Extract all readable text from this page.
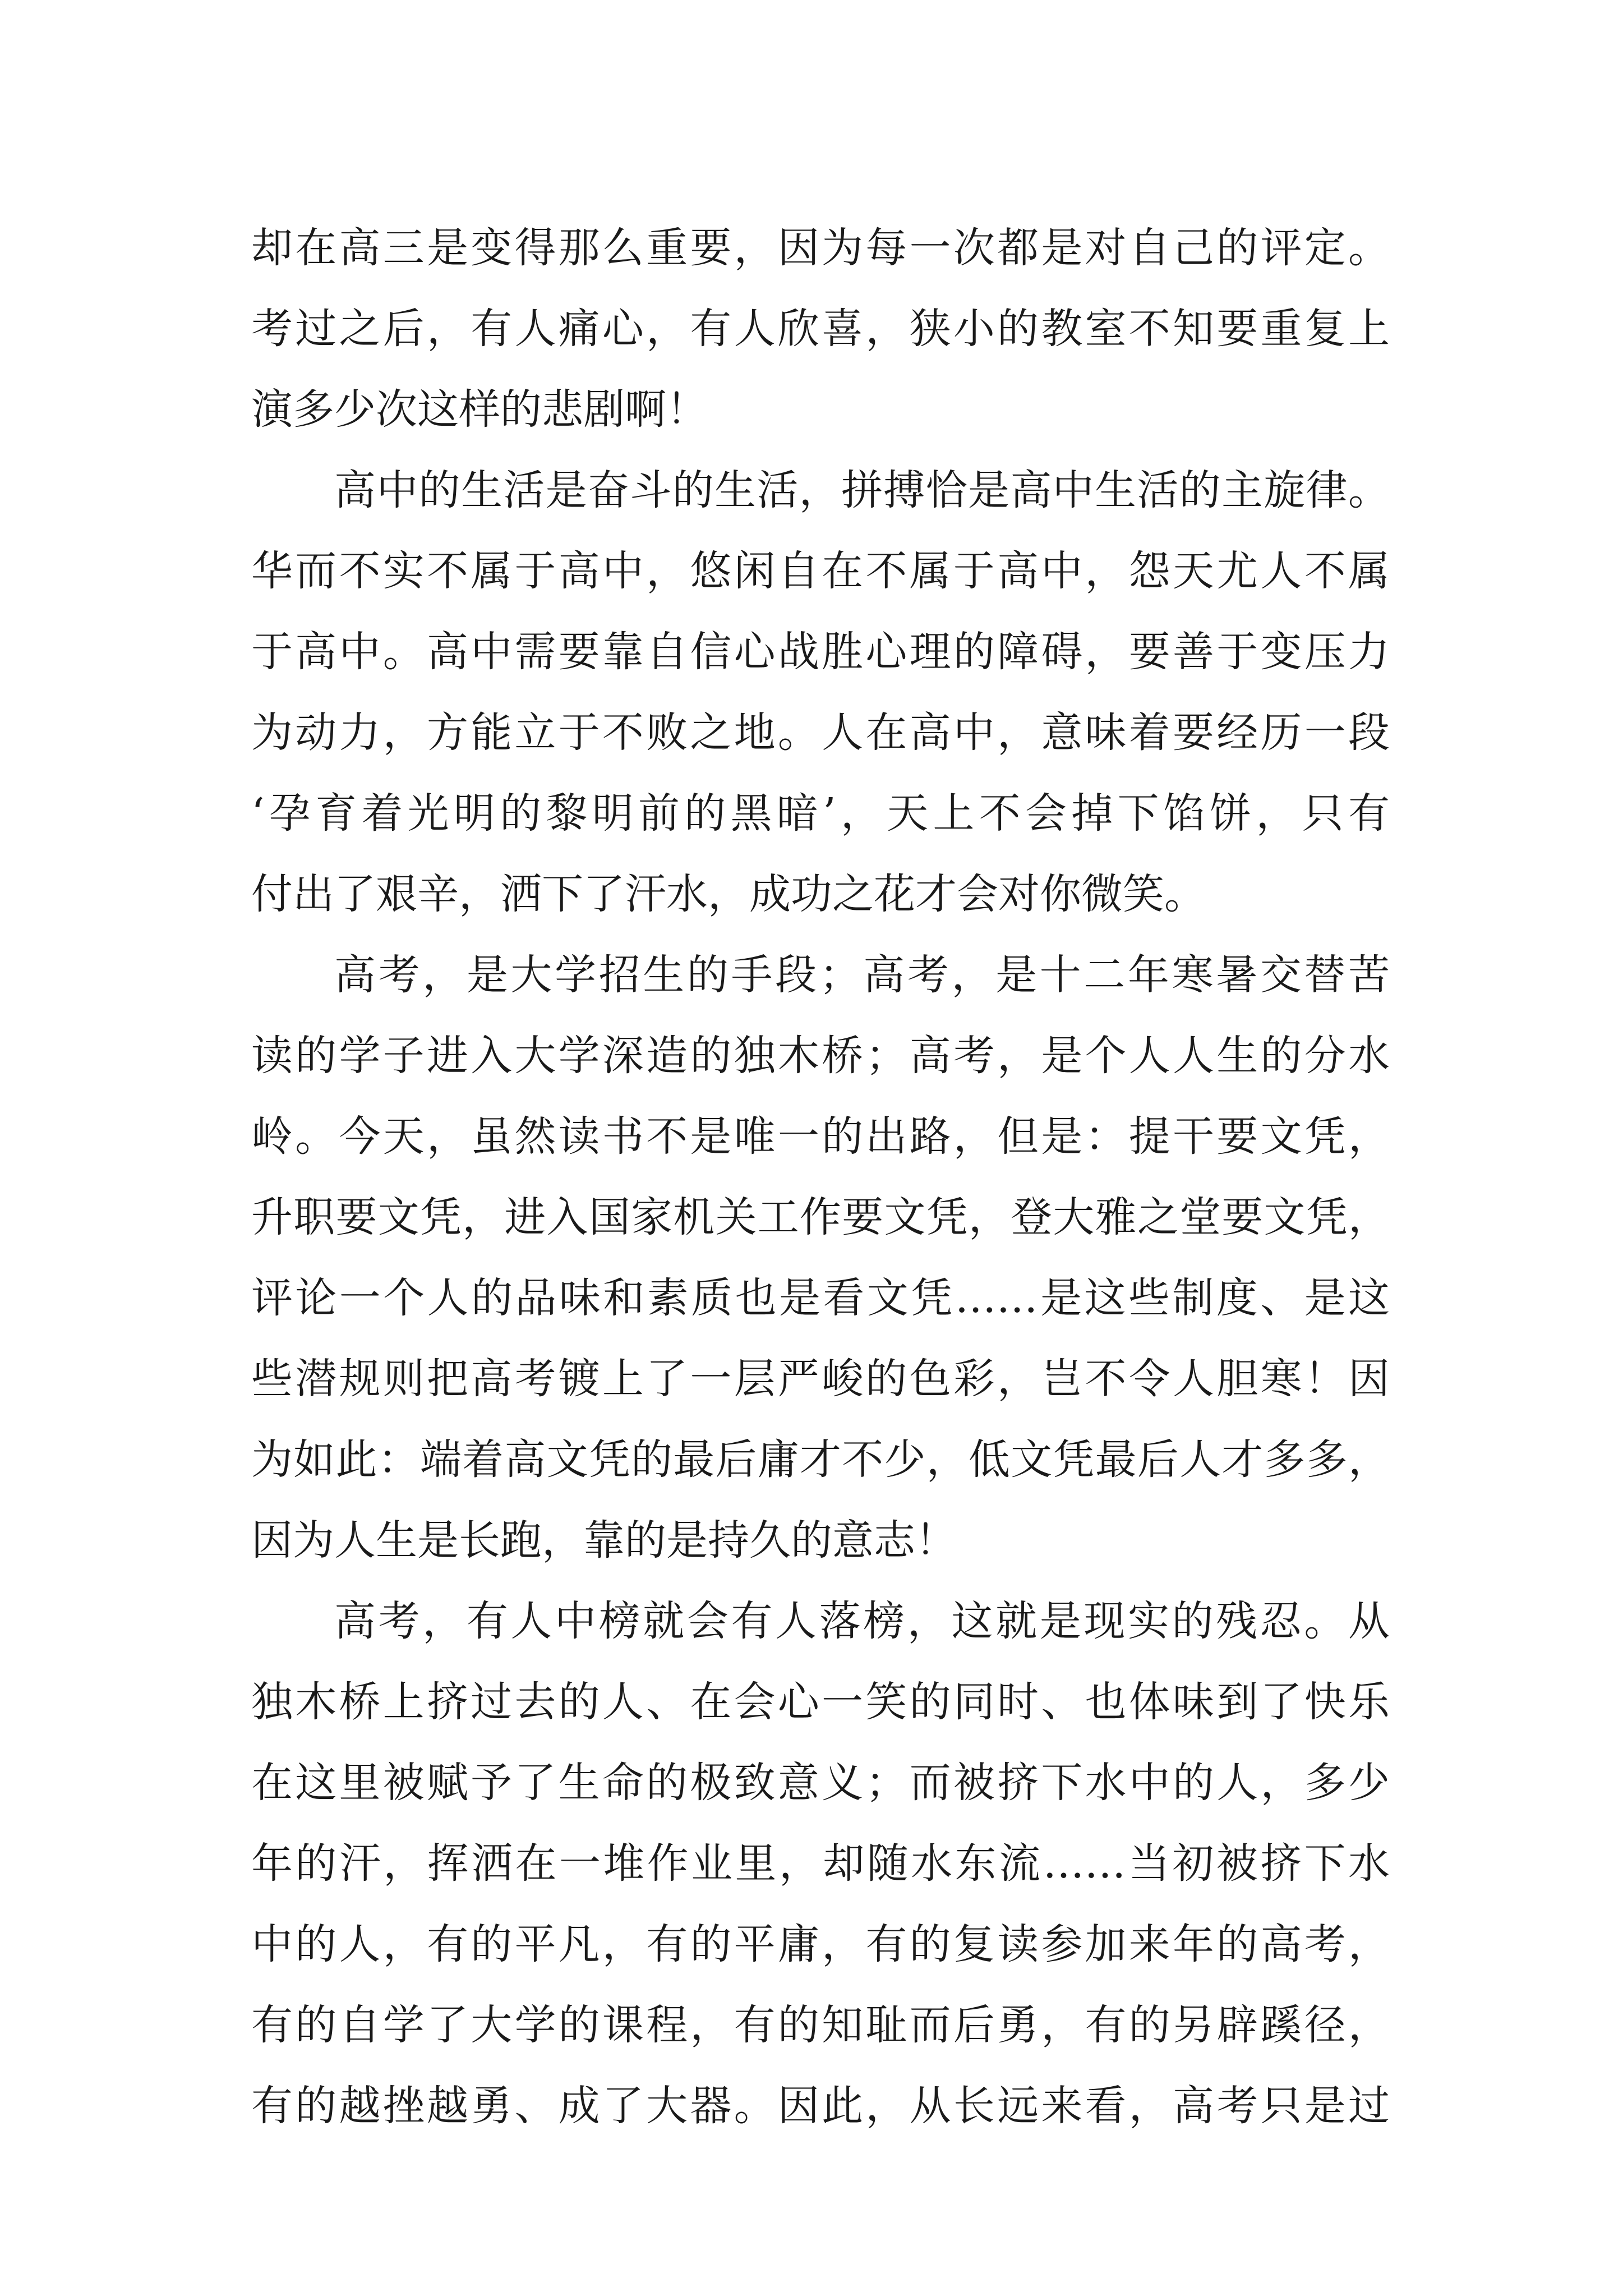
却在高三是变得那么重要，因为每一次都是对自己的评定。
考过之后，有人痛心，有人欣喜，狭小的教室不知要重复上
演多少次这样的悲剧啊！
高中的生活是奋斗的生活，拼搏恰是高中生活的主旋律。
华而不实不属于高中，悠闲自在不属于高中，怨天尤人不属
于高中。高中需要靠自信心战胜心理的障碍，要善于变压力
为动力，方能立于不败之地。人在高中，意味着要经历一段
‘孕育着光明的黎明前的黑暗’，天上不会掉下馅饼，只有
付出了艰辛，洒下了汗水，成功之花才会对你微笑。
高考，是大学招生的手段；高考，是十二年寒暑交替苦
读的学子进入大学深造的独木桥；高考，是个人人生的分水
岭。今天，虽然读书不是唯一的出路，但是：提干要文凭，
升职要文凭，进入国家机关工作要文凭，登大雅之堂要文凭，
评论一个人的品味和素质也是看文凭……是这些制度、是这
些潜规则把高考镀上了一层严峻的色彩，岂不令人胆寒！因
为如此：端着高文凭的最后庸才不少，低文凭最后人才多多，
因为人生是长跑，靠的是持久的意志！
高考，有人中榜就会有人落榜，这就是现实的残忍。从
独木桥上挤过去的人、在会心一笑的同时、也体味到了快乐
在这里被赋予了生命的极致意义；而被挤下水中的人，多少
年的汗，挥洒在一堆作业里，却随水东流……当初被挤下水
中的人，有的平凡，有的平庸，有的复读参加来年的高考，
有的自学了大学的课程，有的知耻而后勇，有的另辟蹊径，
有的越挫越勇、成了大器。因此，从长远来看，高考只是过
